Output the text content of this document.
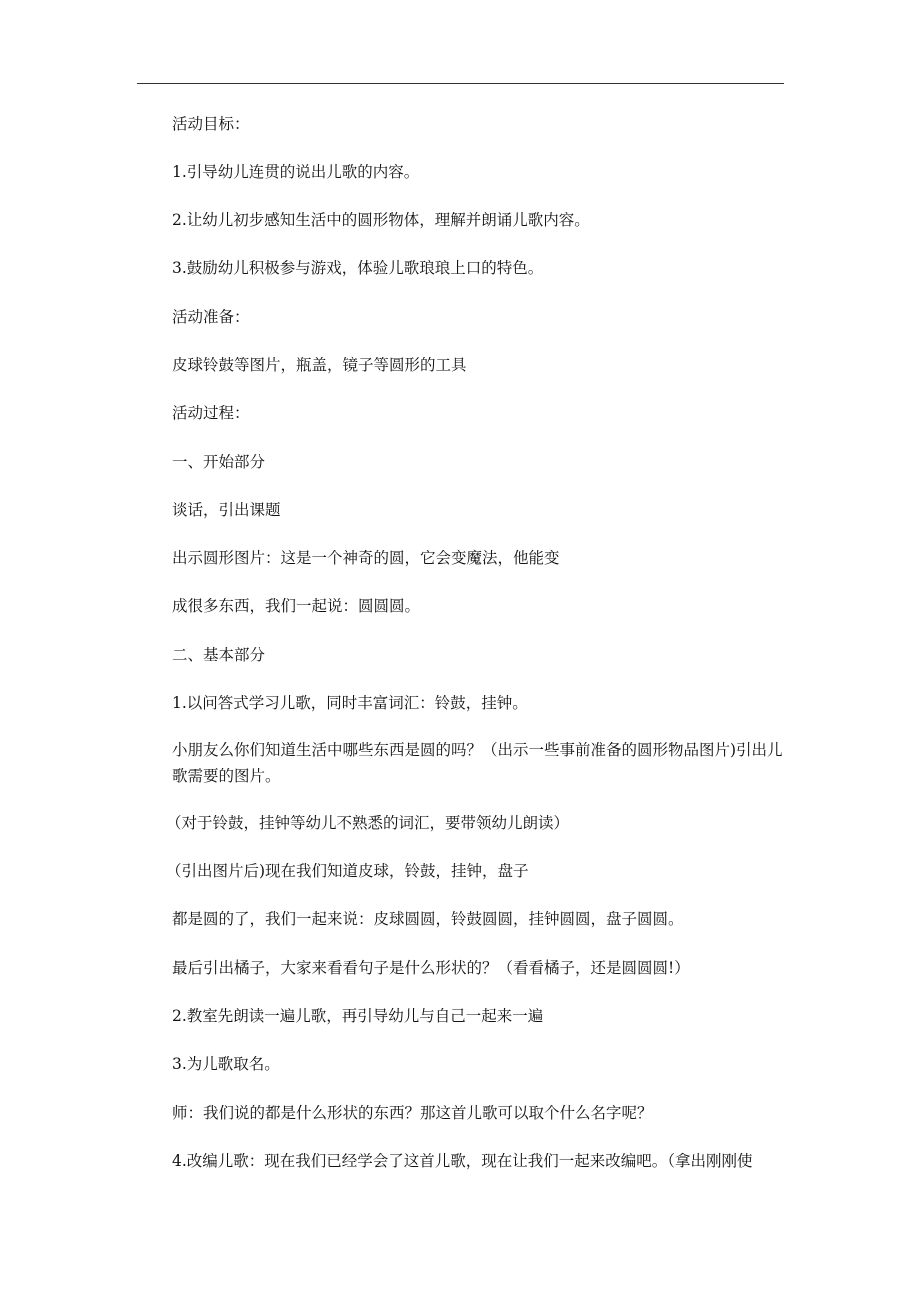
活动目标：
1.引导幼儿连贯的说出儿歌的内容。
2.让幼儿初步感知生活中的圆形物体，理解并朗诵儿歌内容。
3.鼓励幼儿积极参与游戏，体验儿歌琅琅上口的特色。
活动准备：
皮球铃鼓等图片，瓶盖，镜子等圆形的工具
活动过程：
一、开始部分
谈话，引出课题
出示圆形图片：这是一个神奇的圆，它会变魔法，他能变
成很多东西，我们一起说：圆圆圆。
二、基本部分
1.以问答式学习儿歌，同时丰富词汇：铃鼓，挂钟。
小朋友么你们知道生活中哪些东西是圆的吗？（出示一些事前准备的圆形物品图片)引出儿歌需要的图片。
（对于铃鼓，挂钟等幼儿不熟悉的词汇，要带领幼儿朗读）
（引出图片后)现在我们知道皮球，铃鼓，挂钟，盘子
都是圆的了，我们一起来说：皮球圆圆，铃鼓圆圆，挂钟圆圆，盘子圆圆。
最后引出橘子，大家来看看句子是什么形状的？（看看橘子，还是圆圆圆!）
2.教室先朗读一遍儿歌，再引导幼儿与自己一起来一遍
3.为儿歌取名。
师：我们说的都是什么形状的东西？那这首儿歌可以取个什么名字呢？
4.改编儿歌：现在我们已经学会了这首儿歌，现在让我们一起来改编吧。（拿出刚刚使
